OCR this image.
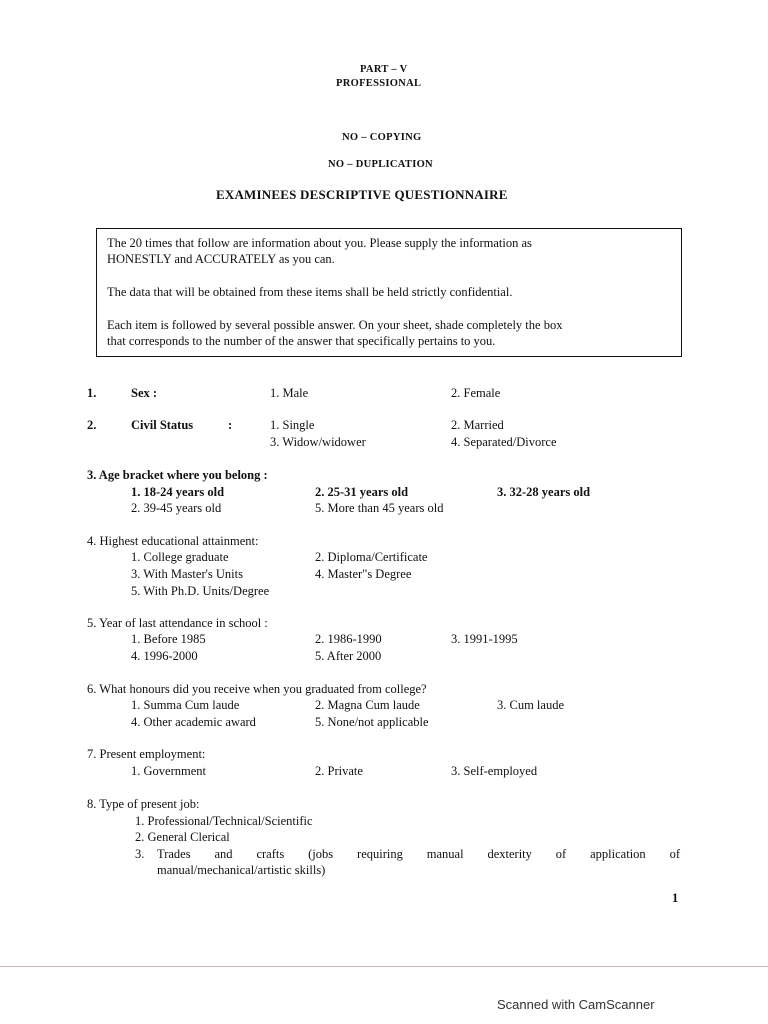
PART – V
PROFESSIONAL
NO – COPYING
NO – DUPLICATION
EXAMINEES DESCRIPTIVE QUESTIONNAIRE
The 20 times that follow are information about you. Please supply the information as
HONESTLY and ACCURATELY as you can.
The data that will be obtained from these items shall be held strictly confidential.
Each item is followed by several possible answer. On your sheet, shade completely the box
that corresponds to the number of the answer that specifically pertains to you.
1.	Sex :	1. Male	2. Female
2.	Civil Status	:	1. Single	2. Married
3. Widow/widower	4. Separated/Divorce
3. Age bracket where you belong :
1. 18-24 years old	2. 25-31 years old	3. 32-28 years old
2. 39-45 years old	5. More than 45 years old
4. Highest educational attainment:
1. College graduate	2. Diploma/Certificate
3. With Master's Units	4. Master"s Degree
5. With Ph.D. Units/Degree
5. Year of last attendance in school :
1. Before 1985	2. 1986-1990	3. 1991-1995
4. 1996-2000	5. After 2000
6. What honours did you receive when you graduated from college?
1. Summa Cum laude	2. Magna Cum laude	3. Cum laude
4. Other academic award	5. None/not applicable
7. Present employment:
1. Government	2. Private	3. Self-employed
8. Type of present job:
1. Professional/Technical/Scientific
2. General Clerical
3. Trades and crafts (jobs requiring manual dexterity of application of
manual/mechanical/artistic skills)
1
Scanned with CamScanner
